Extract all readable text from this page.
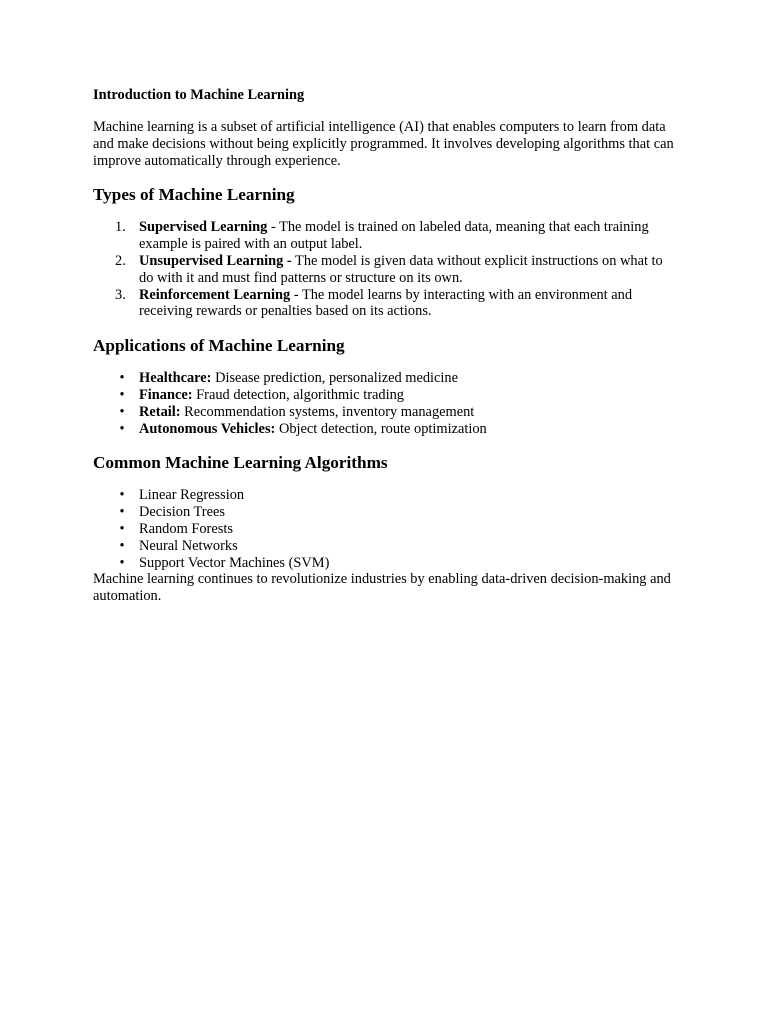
Introduction to Machine Learning

Machine learning is a subset of artificial intelligence (AI) that enables computers to learn from data and make decisions without being explicitly programmed. It involves developing algorithms that can improve automatically through experience.

Types of Machine Learning
1. Supervised Learning - The model is trained on labeled data, meaning that each training example is paired with an output label.
2. Unsupervised Learning - The model is given data without explicit instructions on what to do with it and must find patterns or structure on its own.
3. Reinforcement Learning - The model learns by interacting with an environment and receiving rewards or penalties based on its actions.
Applications of Machine Learning
•	Healthcare: Disease prediction, personalized medicine
•	Finance: Fraud detection, algorithmic trading
•	Retail: Recommendation systems, inventory management
•	Autonomous Vehicles: Object detection, route optimization
Common Machine Learning Algorithms
•	Linear Regression
•	Decision Trees
•	Random Forests
•	Neural Networks
•	Support Vector Machines (SVM)

Machine learning continues to revolutionize industries by enabling data-driven decision-making and automation.
